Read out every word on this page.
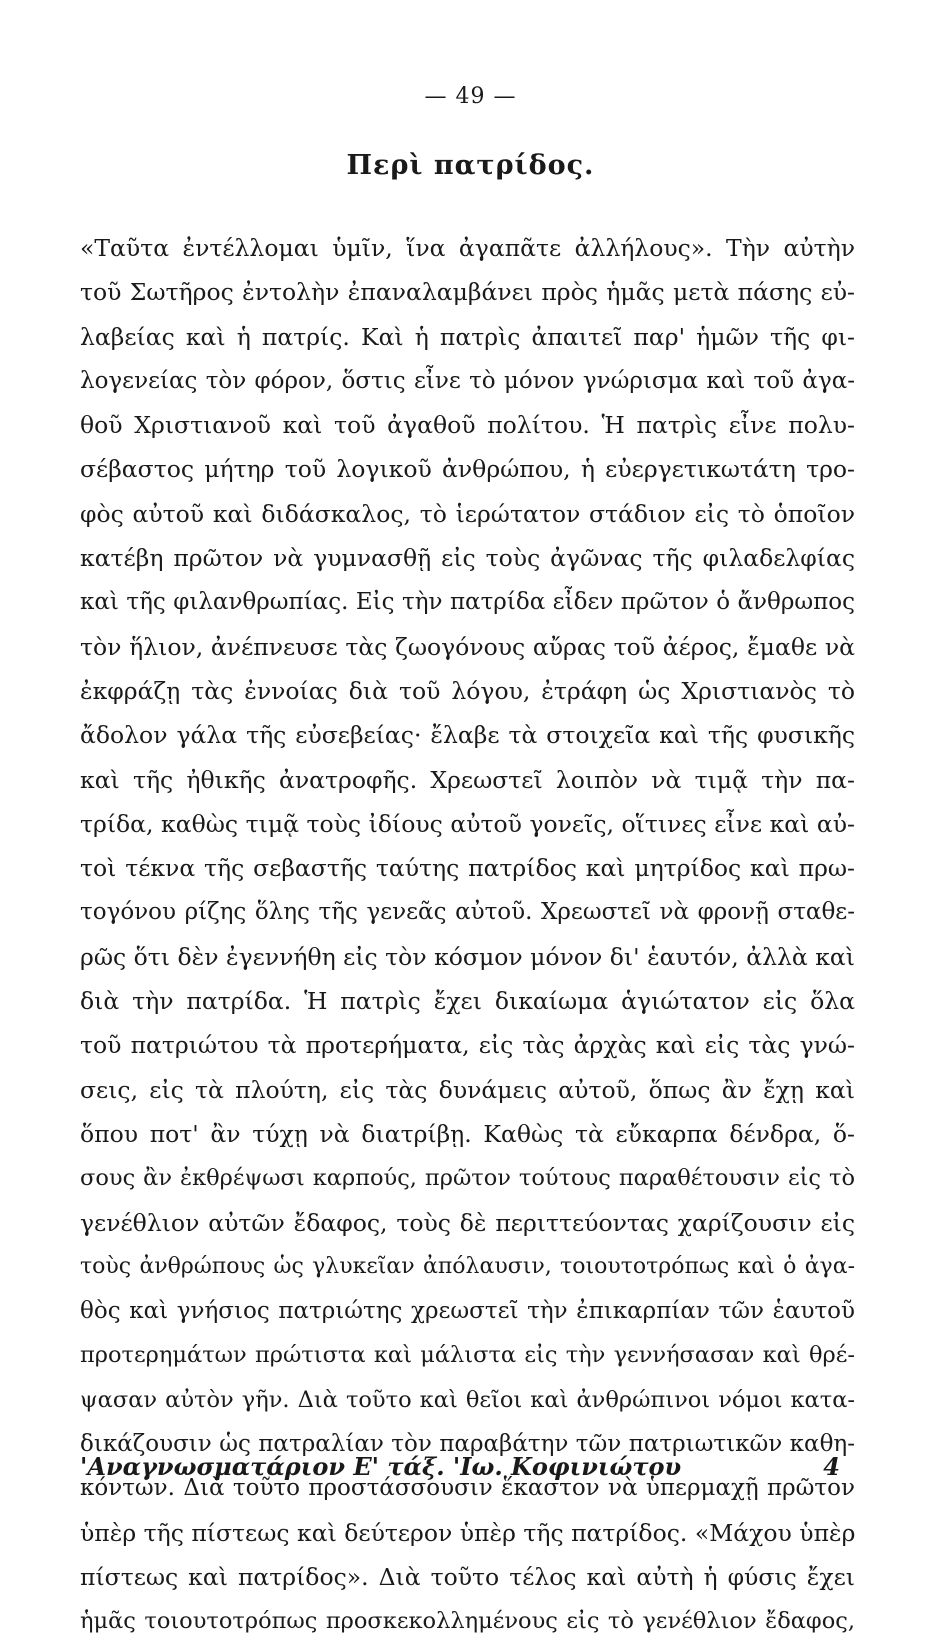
— 49 —
Περὶ πατρίδος.
«Ταῦτα ἐντέλλομαι ὑμῖν, ἵνα ἀγαπᾶτε ἀλλήλους». Τὴν αὐτὴν
τοῦ Σωτῆρος ἐντολὴν ἐπαναλαμβάνει πρὸς ἡμᾶς μετὰ πάσης εὐ-
λαβείας καὶ ἡ πατρίς. Καὶ ἡ πατρὶς ἀπαιτεῖ παρ' ἡμῶν τῆς φι-
λογενείας τὸν φόρον, ὅστις εἶνε τὸ μόνον γνώρισμα καὶ τοῦ ἀγα-
θοῦ Χριστιανοῦ καὶ τοῦ ἀγαθοῦ πολίτου. Ἡ πατρὶς εἶνε πολυ-
σέβαστος μήτηρ τοῦ λογικοῦ ἀνθρώπου, ἡ εὐεργετικωτάτη τρο-
φὸς αὐτοῦ καὶ διδάσκαλος, τὸ ἱερώτατον στάδιον εἰς τὸ ὁποῖον
κατέβη πρῶτον νὰ γυμνασθῇ εἰς τοὺς ἀγῶνας τῆς φιλαδελφίας
καὶ τῆς φιλανθρωπίας. Εἰς τὴν πατρίδα εἶδεν πρῶτον ὁ ἄνθρωπος
τὸν ἥλιον, ἀνέπνευσε τὰς ζωογόνους αὔρας τοῦ ἀέρος, ἔμαθε νὰ
ἐκφράζῃ τὰς ἐννοίας διὰ τοῦ λόγου, ἐτράφη ὡς Χριστιανὸς τὸ
ἄδολον γάλα τῆς εὐσεβείας· ἔλαβε τὰ στοιχεῖα καὶ τῆς φυσικῆς
καὶ τῆς ἠθικῆς ἀνατροφῆς. Χρεωστεῖ λοιπὸν νὰ τιμᾷ τὴν πα-
τρίδα, καθὼς τιμᾷ τοὺς ἰδίους αὐτοῦ γονεῖς, οἵτινες εἶνε καὶ αὐ-
τοὶ τέκνα τῆς σεβαστῆς ταύτης πατρίδος καὶ μητρίδος καὶ πρω-
τογόνου ρίζης ὅλης τῆς γενεᾶς αὐτοῦ. Χρεωστεῖ νὰ φρονῇ σταθε-
ρῶς ὅτι δὲν ἐγεννήθη εἰς τὸν κόσμον μόνον δι' ἑαυτόν, ἀλλὰ καὶ
διὰ τὴν πατρίδα. Ἡ πατρὶς ἔχει δικαίωμα ἁγιώτατον εἰς ὅλα
τοῦ πατριώτου τὰ προτερήματα, εἰς τὰς ἀρχὰς καὶ εἰς τὰς γνώ-
σεις, εἰς τὰ πλούτη, εἰς τὰς δυνάμεις αὐτοῦ, ὅπως ἂν ἔχῃ καὶ
ὅπου ποτ' ἂν τύχῃ νὰ διατρίβῃ. Καθὼς τὰ εὔκαρπα δένδρα, ὅ-
σους ἂν ἐκθρέψωσι καρπούς, πρῶτον τούτους παραθέτουσιν εἰς τὸ
γενέθλιον αὐτῶν ἔδαφος, τοὺς δὲ περιττεύοντας χαρίζουσιν εἰς
τοὺς ἀνθρώπους ὡς γλυκεῖαν ἀπόλαυσιν, τοιουτοτρόπως καὶ ὁ ἀγα-
θὸς καὶ γνήσιος πατριώτης χρεωστεῖ τὴν ἐπικαρπίαν τῶν ἑαυτοῦ
προτερημάτων πρώτιστα καὶ μάλιστα εἰς τὴν γεννήσασαν καὶ θρέ-
ψασαν αὐτὸν γῆν. Διὰ τοῦτο καὶ θεῖοι καὶ ἀνθρώπινοι νόμοι κατα-
δικάζουσιν ὡς πατραλίαν τὸν παραβάτην τῶν πατριωτικῶν καθη-
κόντων. Διὰ τοῦτο προστάσσουσιν ἕκαστον νὰ ὑπερμαχῇ πρῶτον
ὑπὲρ τῆς πίστεως καὶ δεύτερον ὑπὲρ τῆς πατρίδος. «Μάχου ὑπὲρ
πίστεως καὶ πατρίδος». Διὰ τοῦτο τέλος καὶ αὐτὴ ἡ φύσις ἔχει
ἡμᾶς τοιουτοτρόπως προσκεκολλημένους εἰς τὸ γενέθλιον ἔδαφος,
'Αναγνωσματάριον Ε' τάξ. 'Ιω. Κοφινιώτου	4
